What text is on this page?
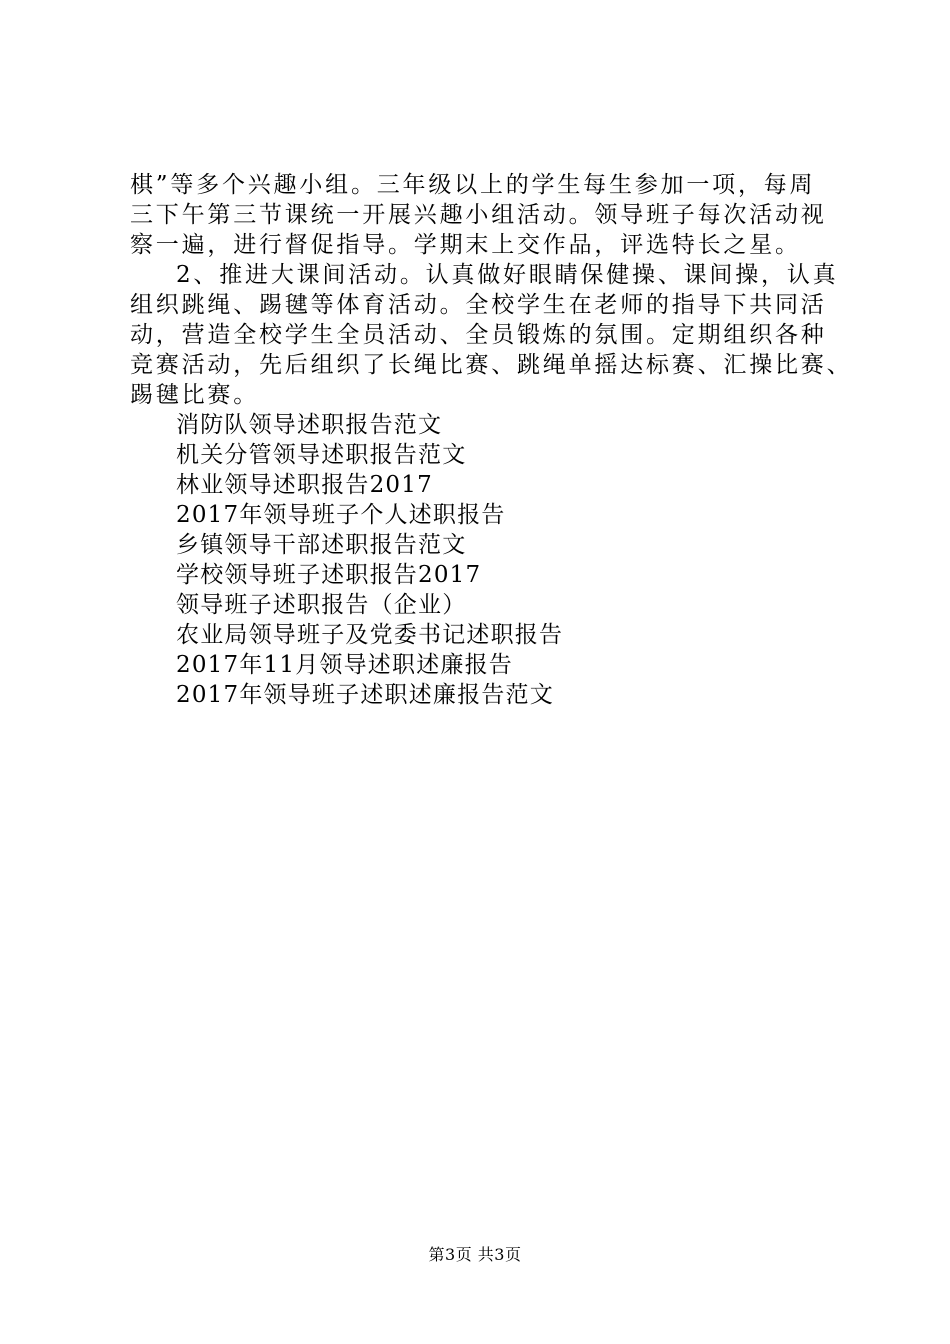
棋”等多个兴趣小组。三年级以上的学生每生参加一项，每周
三下午第三节课统一开展兴趣小组活动。领导班子每次活动视
察一遍，进行督促指导。学期末上交作品，评选特长之星。
2、推进大课间活动。认真做好眼睛保健操、课间操，认真
组织跳绳、踢毽等体育活动。全校学生在老师的指导下共同活
动，营造全校学生全员活动、全员锻炼的氛围。定期组织各种
竞赛活动，先后组织了长绳比赛、跳绳单摇达标赛、汇操比赛、
踢毽比赛。
消防队领导述职报告范文
机关分管领导述职报告范文
林业领导述职报告2017
2017年领导班子个人述职报告
乡镇领导干部述职报告范文
学校领导班子述职报告2017
领导班子述职报告（企业）
农业局领导班子及党委书记述职报告
2017年11月领导述职述廉报告
2017年领导班子述职述廉报告范文
第3页 共3页
